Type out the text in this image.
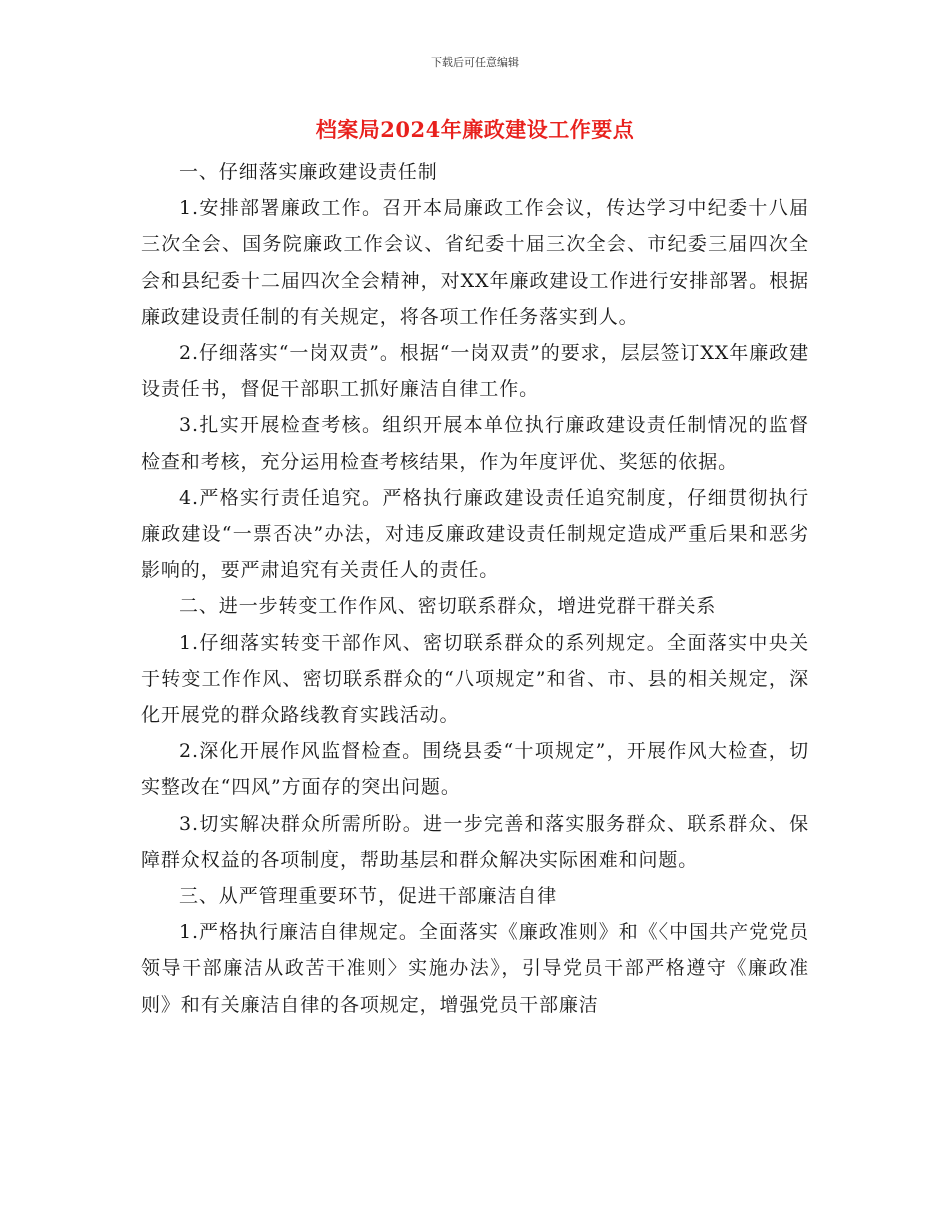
下载后可任意编辑
档案局2024年廉政建设工作要点

一、仔细落实廉政建设责任制

1.安排部署廉政工作。召开本局廉政工作会议，传达学习中纪委十八届三次全会、国务院廉政工作会议、省纪委十届三次全会、市纪委三届四次全会和县纪委十二届四次全会精神，对XX年廉政建设工作进行安排部署。根据廉政建设责任制的有关规定，将各项工作任务落实到人。

2.仔细落实“一岗双责”。根据“一岗双责”的要求，层层签订XX年廉政建设责任书，督促干部职工抓好廉洁自律工作。

3.扎实开展检查考核。组织开展本单位执行廉政建设责任制情况的监督检查和考核，充分运用检查考核结果，作为年度评优、奖惩的依据。

4.严格实行责任追究。严格执行廉政建设责任追究制度，仔细贯彻执行廉政建设“一票否决”办法，对违反廉政建设责任制规定造成严重后果和恶劣影响的，要严肃追究有关责任人的责任。

二、进一步转变工作作风、密切联系群众，增进党群干群关系

1.仔细落实转变干部作风、密切联系群众的系列规定。全面落实中央关于转变工作作风、密切联系群众的“八项规定”和省、市、县的相关规定，深化开展党的群众路线教育实践活动。

2.深化开展作风监督检查。围绕县委“十项规定”，开展作风大检查，切实整改在“四风”方面存的突出问题。

3.切实解决群众所需所盼。进一步完善和落实服务群众、联系群众、保障群众权益的各项制度，帮助基层和群众解决实际困难和问题。

三、从严管理重要环节，促进干部廉洁自律

1.严格执行廉洁自律规定。全面落实《廉政准则》和《〈中国共产党党员领导干部廉洁从政苦干准则〉实施办法》，引导党员干部严格遵守《廉政准则》和有关廉洁自律的各项规定，增强党员干部廉洁
